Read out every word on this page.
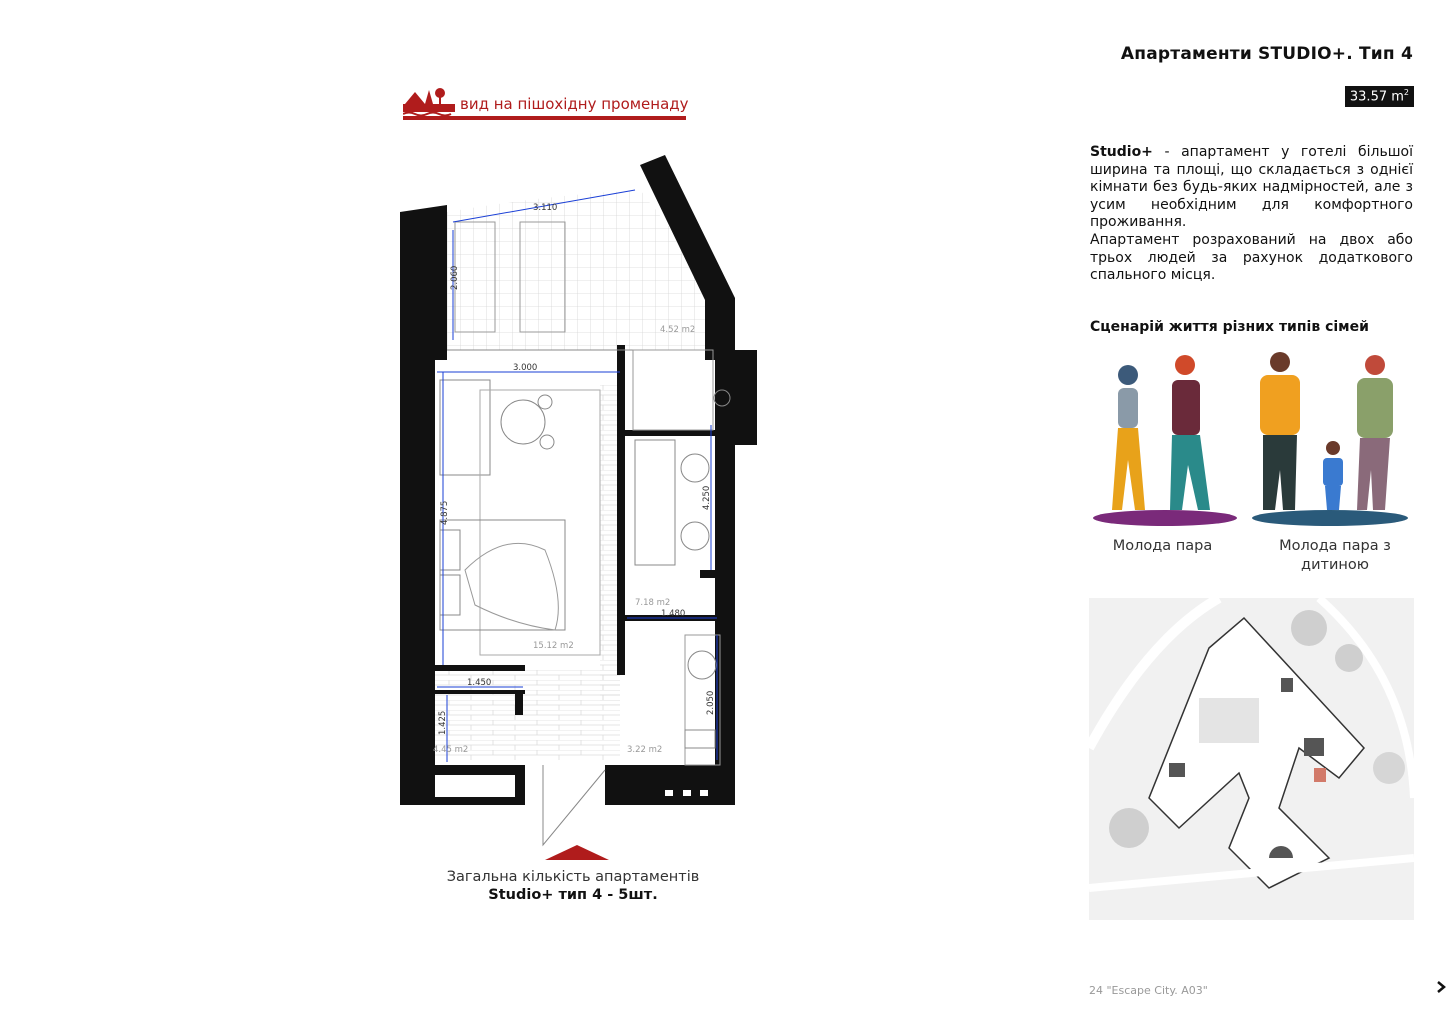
Апартаменти STUDIO+. Тип 4
33.57 $m^2$
вид на пішохідну променаду
3.110
2.060
3.000
4.875
4.250
1.480
1.450
1.425
2.050
4.52 m2
15.12 m2
7.18 m2
4.45 m2	3.22 m2
Загальна кількість апартаментів
Studio+ тип 4 - 5шт.

Studio+ - апартамент у готелі більшої ширина та площі, що складається з однієї кімнати без будь-яких надмірностей, але з усим необхідним для комфортного проживання.

Апартамент розрахований на двох або трьох людей за рахунок додаткового спального місця.

Сценарій життя різних типів сімей
Молода пара	Молода пара з дитиною
24 "Escape City. A03"
